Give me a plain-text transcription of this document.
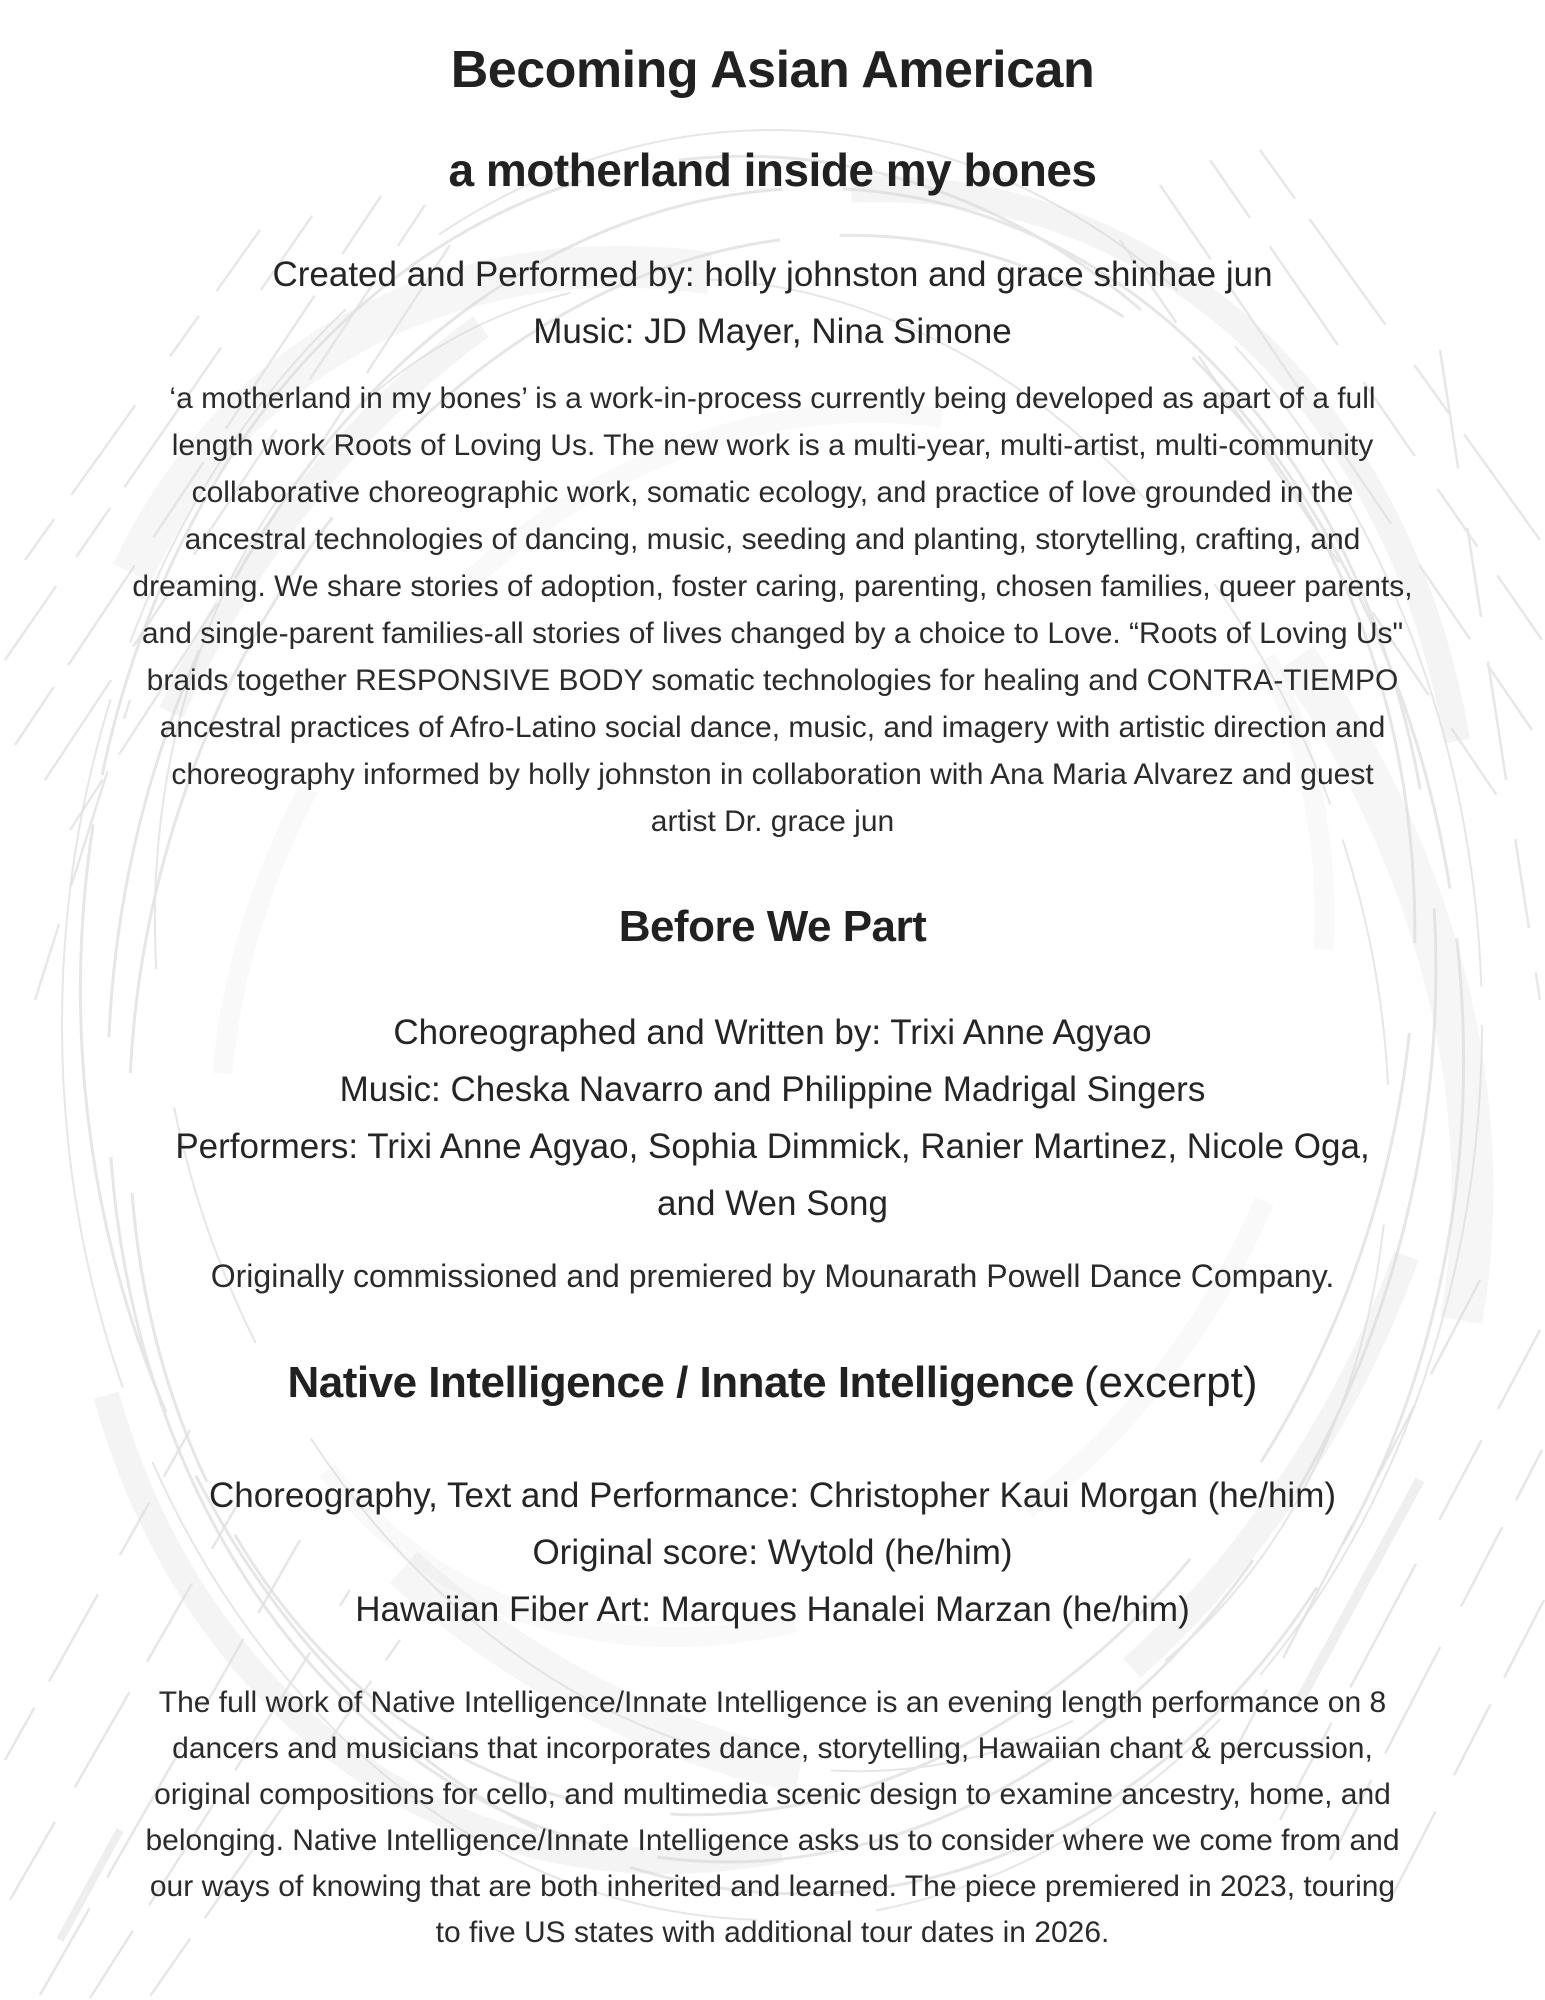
Becoming Asian American
a motherland inside my bones
Created and Performed by: holly johnston and grace shinhae jun
Music: JD Mayer, Nina Simone
‘a motherland in my bones’ is a work-in-process currently being developed as apart of a full
length work Roots of Loving Us. The new work is a multi-year, multi-artist, multi-community
collaborative choreographic work, somatic ecology, and practice of love grounded in the
ancestral technologies of dancing, music, seeding and planting, storytelling, crafting, and
dreaming. We share stories of adoption, foster caring, parenting, chosen families, queer parents,
and single-parent families-all stories of lives changed by a choice to Love. “Roots of Loving Us"
braids together RESPONSIVE BODY somatic technologies for healing and CONTRA-TIEMPO
ancestral practices of Afro-Latino social dance, music, and imagery with artistic direction and
choreography informed by holly johnston in collaboration with Ana Maria Alvarez and guest
artist Dr. grace jun
Before We Part
Choreographed and Written by: Trixi Anne Agyao
Music: Cheska Navarro and Philippine Madrigal Singers
Performers: Trixi Anne Agyao, Sophia Dimmick, Ranier Martinez, Nicole Oga,
and Wen Song
Originally commissioned and premiered by Mounarath Powell Dance Company.
Native Intelligence / Innate Intelligence (excerpt)
Choreography, Text and Performance: Christopher Kaui Morgan (he/him)
Original score: Wytold (he/him)
Hawaiian Fiber Art: Marques Hanalei Marzan (he/him)
The full work of Native Intelligence/Innate Intelligence is an evening length performance on 8
dancers and musicians that incorporates dance, storytelling, Hawaiian chant & percussion,
original compositions for cello, and multimedia scenic design to examine ancestry, home, and
belonging. Native Intelligence/Innate Intelligence asks us to consider where we come from and
our ways of knowing that are both inherited and learned. The piece premiered in 2023, touring
to five US states with additional tour dates in 2026.
